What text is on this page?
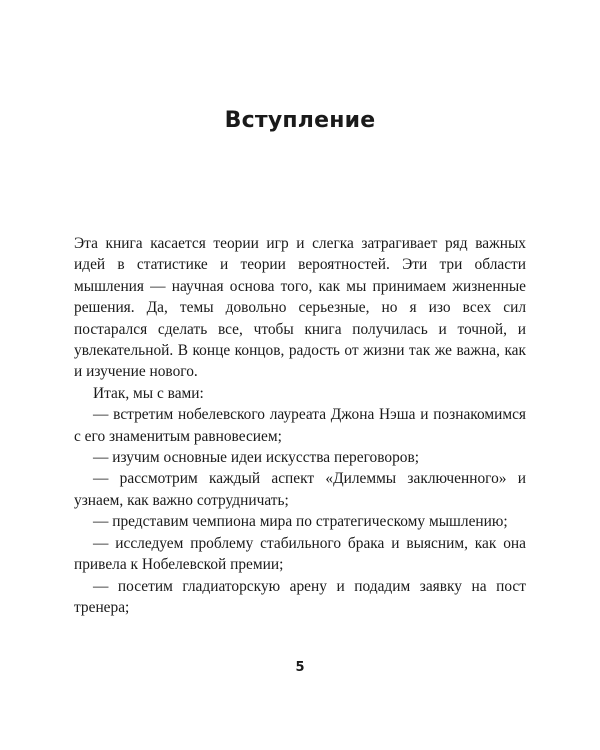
Вступление

Эта книга касается теории игр и слегка затрагивает ряд важных идей в статистике и теории вероятностей. Эти три области мышления — научная основа того, как мы принимаем жизненные решения. Да, темы довольно серьезные, но я изо всех сил постарался сделать все, чтобы книга получилась и точной, и увлекательной. В конце концов, радость от жизни так же важна, как и изучение нового.

Итак, мы с вами:

— встретим нобелевского лауреата Джона Нэша и познакомимся с его знаменитым равновесием;

— изучим основные идеи искусства переговоров;

— рассмотрим каждый аспект «Дилеммы заключенного» и узнаем, как важно сотрудничать;

— представим чемпиона мира по стратегическому мышлению;

— исследуем проблему стабильного брака и выясним, как она привела к Нобелевской премии;

— посетим гладиаторскую арену и подадим заявку на пост тренера;

5
